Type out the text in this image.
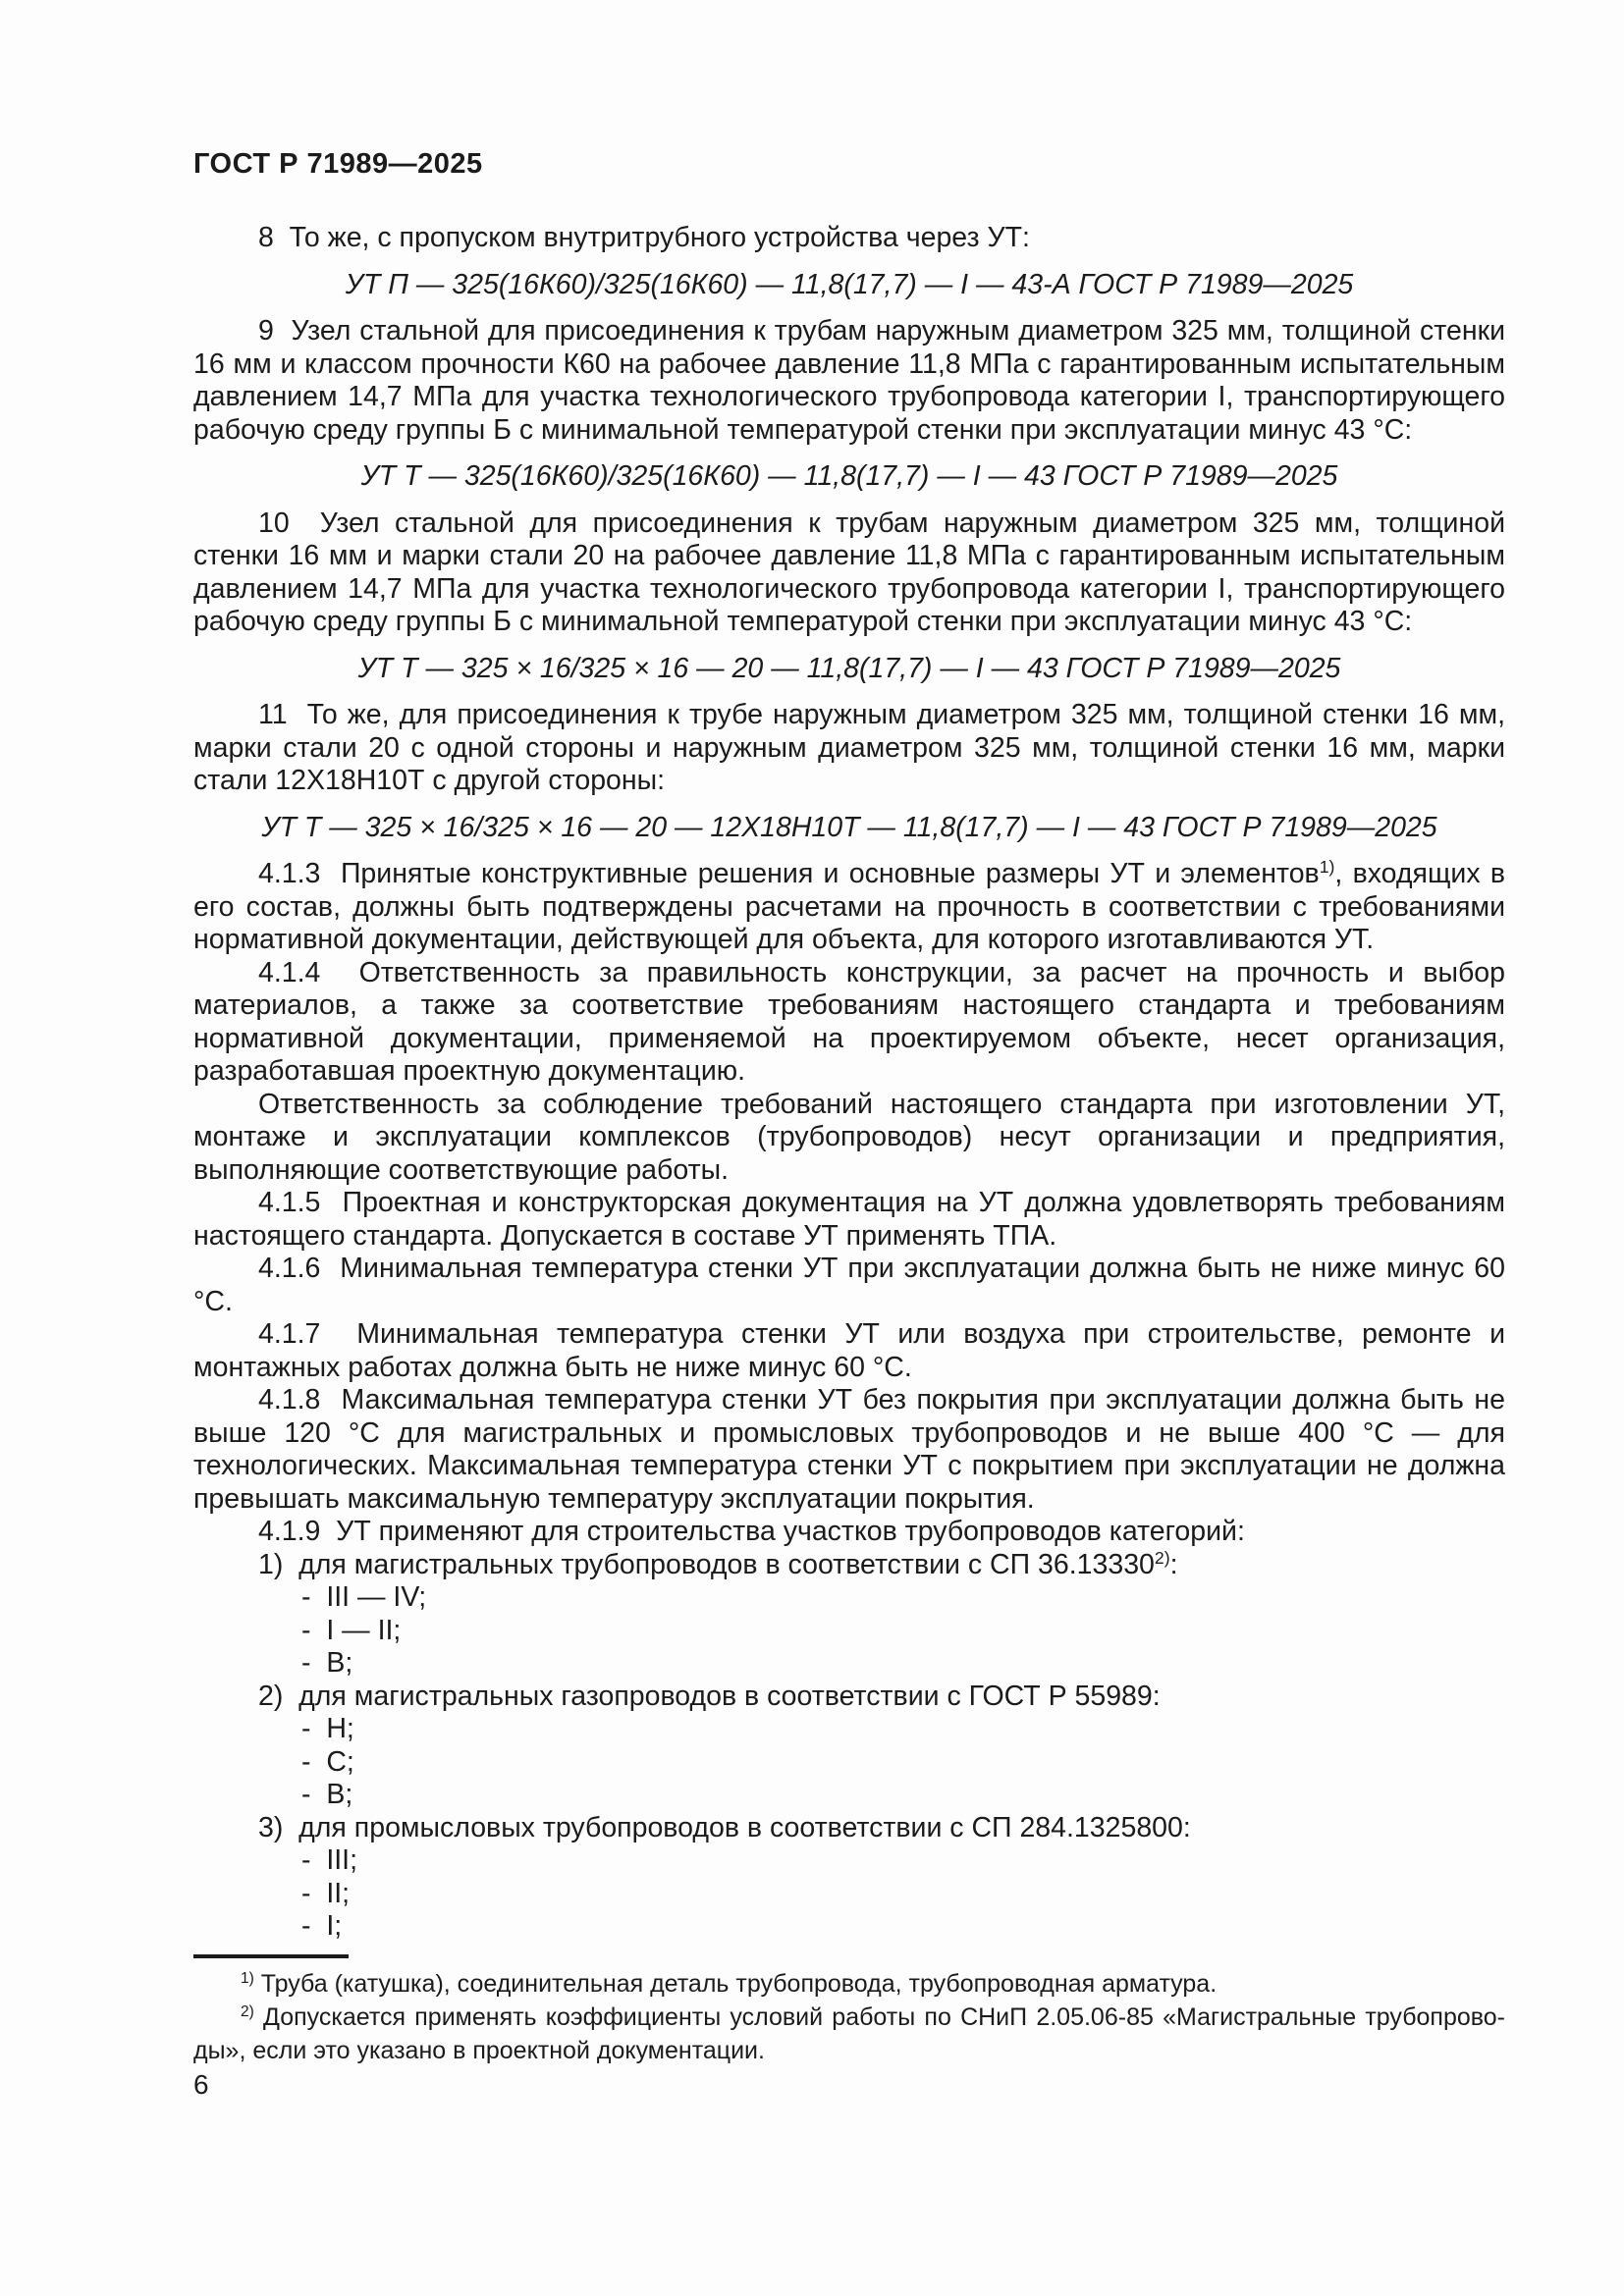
ГОСТ Р 71989—2025
8  То же, с пропуском внутритрубного устройства через УТ:
УТ П — 325(16К60)/325(16К60) — 11,8(17,7) — I — 43-А ГОСТ Р 71989—2025
9  Узел стальной для присоединения к трубам наружным диаметром 325 мм, толщиной стенки 16 мм и классом прочности К60 на рабочее давление 11,8 МПа с гарантированным испытательным давлением 14,7 МПа для участка технологического трубопровода категории I, транспортирующего рабочую среду группы Б с минимальной температурой стенки при эксплуатации минус 43 °С:
УТ Т — 325(16К60)/325(16К60) — 11,8(17,7) — I — 43 ГОСТ Р 71989—2025
10  Узел стальной для присоединения к трубам наружным диаметром 325 мм, толщиной стенки 16 мм и марки стали 20 на рабочее давление 11,8 МПа с гарантированным испытательным давлением 14,7 МПа для участка технологического трубопровода категории I, транспортирующего рабочую среду группы Б с минимальной температурой стенки при эксплуатации минус 43 °С:
УТ Т — 325 × 16/325 × 16 — 20 — 11,8(17,7) — I — 43 ГОСТ Р 71989—2025
11  То же, для присоединения к трубе наружным диаметром 325 мм, толщиной стенки 16 мм, марки стали 20 с одной стороны и наружным диаметром 325 мм, толщиной стенки 16 мм, марки стали 12Х18Н10Т с другой стороны:
УТ Т — 325 × 16/325 × 16 — 20 — 12Х18Н10Т — 11,8(17,7) — I — 43 ГОСТ Р 71989—2025
4.1.3  Принятые конструктивные решения и основные размеры УТ и элементов$^{1)}$, входящих в его состав, должны быть подтверждены расчетами на прочность в соответствии с требованиями нормативной документации, действующей для объекта, для которого изготавливаются УТ.
4.1.4  Ответственность за правильность конструкции, за расчет на прочность и выбор материалов, а также за соответствие требованиям настоящего стандарта и требованиям нормативной документации, применяемой на проектируемом объекте, несет организация, разработавшая проектную документацию.
Ответственность за соблюдение требований настоящего стандарта при изготовлении УТ, монтаже и эксплуатации комплексов (трубопроводов) несут организации и предприятия, выполняющие соответствующие работы.
4.1.5  Проектная и конструкторская документация на УТ должна удовлетворять требованиям настоящего стандарта. Допускается в составе УТ применять ТПА.
4.1.6  Минимальная температура стенки УТ при эксплуатации должна быть не ниже минус 60 °С.
4.1.7  Минимальная температура стенки УТ или воздуха при строительстве, ремонте и монтажных работах должна быть не ниже минус 60 °С.
4.1.8  Максимальная температура стенки УТ без покрытия при эксплуатации должна быть не выше 120 °С для магистральных и промысловых трубопроводов и не выше 400 °С — для технологических. Максимальная температура стенки УТ с покрытием при эксплуатации не должна превышать максимальную температуру эксплуатации покрытия.
4.1.9  УТ применяют для строительства участков трубопроводов категорий:
1)  для магистральных трубопроводов в соответствии с СП 36.13330$^{2)}$:
-  III — IV;
-  I — II;
-  В;
2)  для магистральных газопроводов в соответствии с ГОСТ Р 55989:
-  Н;
-  С;
-  В;
3)  для промысловых трубопроводов в соответствии с СП 284.1325800:
-  III;
-  II;
-  I;
$^{1)}$ Труба (катушка), соединительная деталь трубопровода, трубопроводная арматура.
$^{2)}$ Допускается применять коэффициенты условий работы по СНиП 2.05.06-85 «Магистральные трубопроводы», если это указано в проектной документации.
6
